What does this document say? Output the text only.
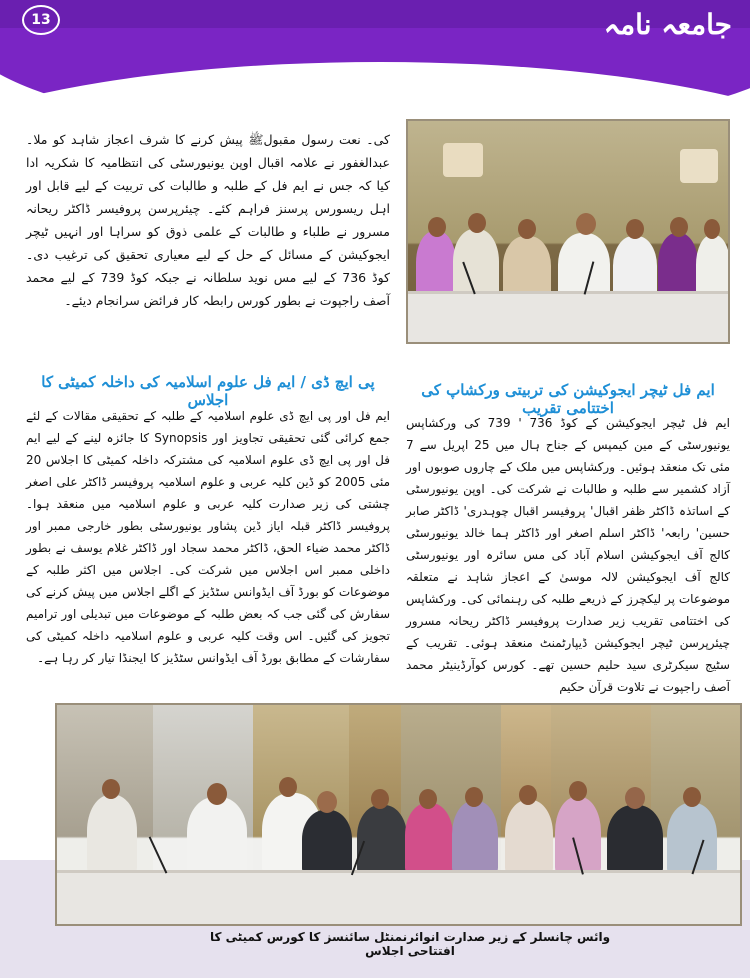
13	جامعہ نامہ
کی۔ نعت رسول مقبولﷺ پیش کرنے کا شرف اعجاز شاہد کو ملا۔ عبدالغفور نے علامہ اقبال اوپن یونیورسٹی کی انتظامیہ کا شکریہ ادا کیا کہ جس نے ایم فل کے طلبہ و طالبات کی تربیت کے لیے قابل اور اہل ریسورس پرسنز فراہم کئے۔ چیئرپرسن پروفیسر ڈاکٹر ریحانہ مسرور نے طلباء و طالبات کے علمی ذوق کو سراہا اور انہیں ٹیچر ایجوکیشن کے مسائل کے حل کے لیے معیاری تحقیق کی ترغیب دی۔ کوڈ 736 کے لیے مس نوید سلطانہ نے جبکہ کوڈ 739 کے لیے محمد آصف راجپوت نے بطور کورس رابطہ کار فرائض سرانجام دیئے۔
ایم فل ٹیچر ایجوکیشن کی تربیتی ورکشاپ کی اختتامی تقریب
ایم فل ٹیچر ایجوکیشن کے کوڈ 736 ' 739 کی ورکشاپس یونیورسٹی کے مین کیمپس کے جناح ہال میں 25 اپریل سے 7 مئی تک منعقد ہوئیں۔ ورکشاپس میں ملک کے چاروں صوبوں اور آزاد کشمیر سے طلبہ و طالبات نے شرکت کی۔ اوپن یونیورسٹی کے اساتذہ ڈاکٹر ظفر اقبال' پروفیسر اقبال چوہدری' ڈاکٹر صابر حسین' رابعہ' ڈاکٹر اسلم اصغر اور ڈاکٹر ہما خالد یونیورسٹی کالج آف ایجوکیشن اسلام آباد کی مس سائرہ اور یونیورسٹی کالج آف ایجوکیشن لالہ موسیٰ کے اعجاز شاہد نے متعلقہ موضوعات پر لیکچرز کے ذریعے طلبہ کی رہنمائی کی۔ ورکشاپس کی اختتامی تقریب زیر صدارت پروفیسر ڈاکٹر ریحانہ مسرور چیئرپرسن ٹیچر ایجوکیشن ڈیپارٹمنٹ منعقد ہوئی۔ تقریب کے سٹیج سیکرٹری سید حلیم حسین تھے۔ کورس کوآرڈینیٹر محمد آصف راجپوت نے تلاوت قرآن حکیم
پی ایچ ڈی / ایم فل علوم اسلامیہ کی داخلہ کمیٹی کا اجلاس
ایم فل اور پی ایچ ڈی علوم اسلامیہ کے طلبہ کے تحقیقی مقالات کے لئے جمع کرائی گئی تحقیقی تجاویز اور Synopsis کا جائزہ لینے کے لیے ایم فل اور پی ایچ ڈی علوم اسلامیہ کی مشترکہ داخلہ کمیٹی کا اجلاس 20 مئی 2005 کو ڈین کلیہ عربی و علوم اسلامیہ پروفیسر ڈاکٹر علی اصغر چشتی کی زیر صدارت کلیہ عربی و علوم اسلامیہ میں منعقد ہوا۔ پروفیسر ڈاکٹر قبلہ ایاز ڈین پشاور یونیورسٹی بطور خارجی ممبر اور ڈاکٹر محمد ضیاء الحق، ڈاکٹر محمد سجاد اور ڈاکٹر غلام یوسف نے بطور داخلی ممبر اس اجلاس میں شرکت کی۔ اجلاس میں اکثر طلبہ کے موضوعات کو بورڈ آف ایڈوانس سٹڈیز کے اگلے اجلاس میں پیش کرنے کی سفارش کی گئی جب کہ بعض طلبہ کے موضوعات میں تبدیلی اور ترامیم تجویز کی گئیں۔ اس وقت کلیہ عربی و علوم اسلامیہ داخلہ کمیٹی کی سفارشات کے مطابق بورڈ آف ایڈوانس سٹڈیز کا ایجنڈا تیار کر رہا ہے۔
وائس چانسلر کے زیر صدارت انوائرنمنٹل سائنسز کا کورس کمیٹی کا افتتاحی اجلاس
